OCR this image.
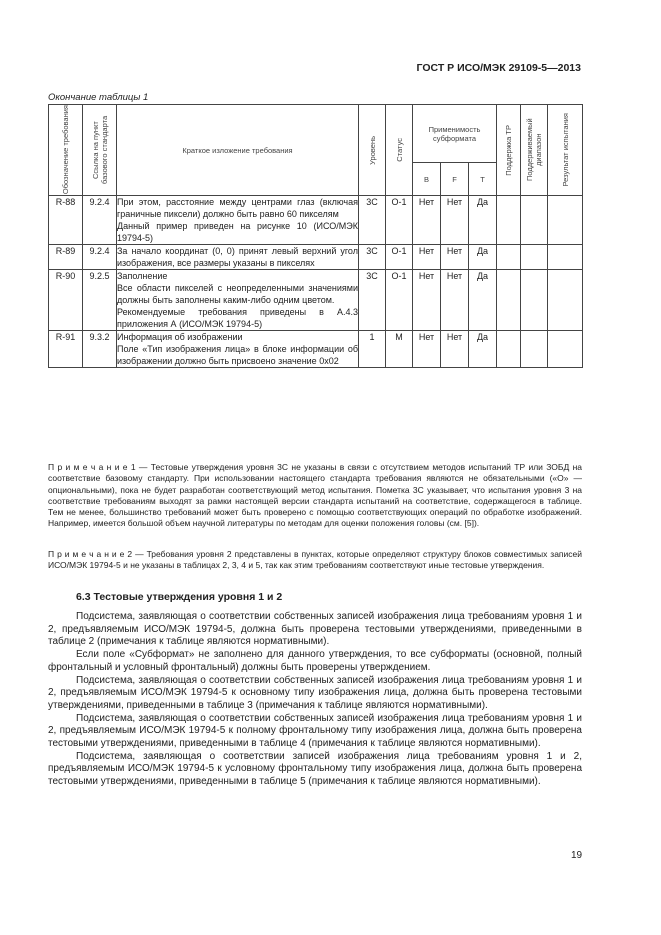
ГОСТ Р ИСО/МЭК 29109-5—2013
Окончание таблицы 1
Обозначение требования	Ссылка на пункт базового стандарта	Краткое изложение требования	Уровень	Статус	Применимость субформата			Поддержка ТР	Поддерживаемый диапазон	Результат испытания

					B	F	T			
R-88	9.2.4	При этом, расстояние между центрами глаз (включая граничные пиксели) должно быть равно 60 пикселям
Данный пример приведен на рисунке 10 (ИСО/МЭК 19794-5)	3С	О-1	Нет	Нет	Да			
R-89	9.2.4	За начало координат (0, 0) принят левый верхний угол изображения, все размеры указаны в пикселях	3С	О-1	Нет	Нет	Да			
R-90	9.2.5	Заполнение
Все области пикселей с неопределенными значениями должны быть заполнены каким-либо одним цветом.
Рекомендуемые требования приведены в А.4.3 приложения А (ИСО/МЭК 19794-5)	3С	О-1	Нет	Нет	Да			
R-91	9.3.2	Информация об изображении
Поле «Тип изображения лица» в блоке информации об изображении должно быть присвоено значение 0x02	1	М	Нет	Нет	Да			

П р и м е ч а н и е 1 — Тестовые утверждения уровня 3С не указаны в связи с отсутствием методов испытаний ТР или ЗОБД на соответствие базовому стандарту. При использовании настоящего стандарта требования являются не обязательными («О» — опциональными), пока не будет разработан соответствующий метод испытания. Пометка 3С указывает, что испытания уровня 3 на соответствие требованиям выходят за рамки настоящей версии стандарта испытаний на соответствие, содержащегося в таблице. Тем не менее, большинство требований может быть проверено с помощью соответствующих операций по обработке изображений. Например, имеется большой объем научной литературы по методам для оценки положения головы (см. [5]).

П р и м е ч а н и е 2 — Требования уровня 2 представлены в пунктах, которые определяют структуру блоков совместимых записей ИСО/МЭК 19794-5 и не указаны в таблицах 2, 3, 4 и 5, так как этим требованиям соответствуют иные тестовые утверждения.

6.3 Тестовые утверждения уровня 1 и 2

Подсистема, заявляющая о соответствии собственных записей изображения лица требованиям уровня 1 и 2, предъявляемым ИСО/МЭК 19794-5, должна быть проверена тестовыми утверждениями, приведенными в таблице 2 (примечания к таблице являются нормативными).

Если поле «Субформат» не заполнено для данного утверждения, то все субформаты (основной, полный фронтальный и условный фронтальный) должны быть проверены утверждением.

Подсистема, заявляющая о соответствии собственных записей изображения лица требованиям уровня 1 и 2, предъявляемым ИСО/МЭК 19794-5 к основному типу изображения лица, должна быть проверена тестовыми утверждениями, приведенными в таблице 3 (примечания к таблице являются нормативными).

Подсистема, заявляющая о соответствии собственных записей изображения лица требованиям уровня 1 и 2, предъявляемым ИСО/МЭК 19794-5 к полному фронтальному типу изображения лица, должна быть проверена тестовыми утверждениями, приведенными в таблице 4 (примечания к таблице являются нормативными).

Подсистема, заявляющая о соответствии записей изображения лица требованиям уровня 1 и 2, предъявляемым ИСО/МЭК 19794-5 к условному фронтальному типу изображения лица, должна быть проверена тестовыми утверждениями, приведенными в таблице 5 (примечания к таблице являются нормативными).

19
